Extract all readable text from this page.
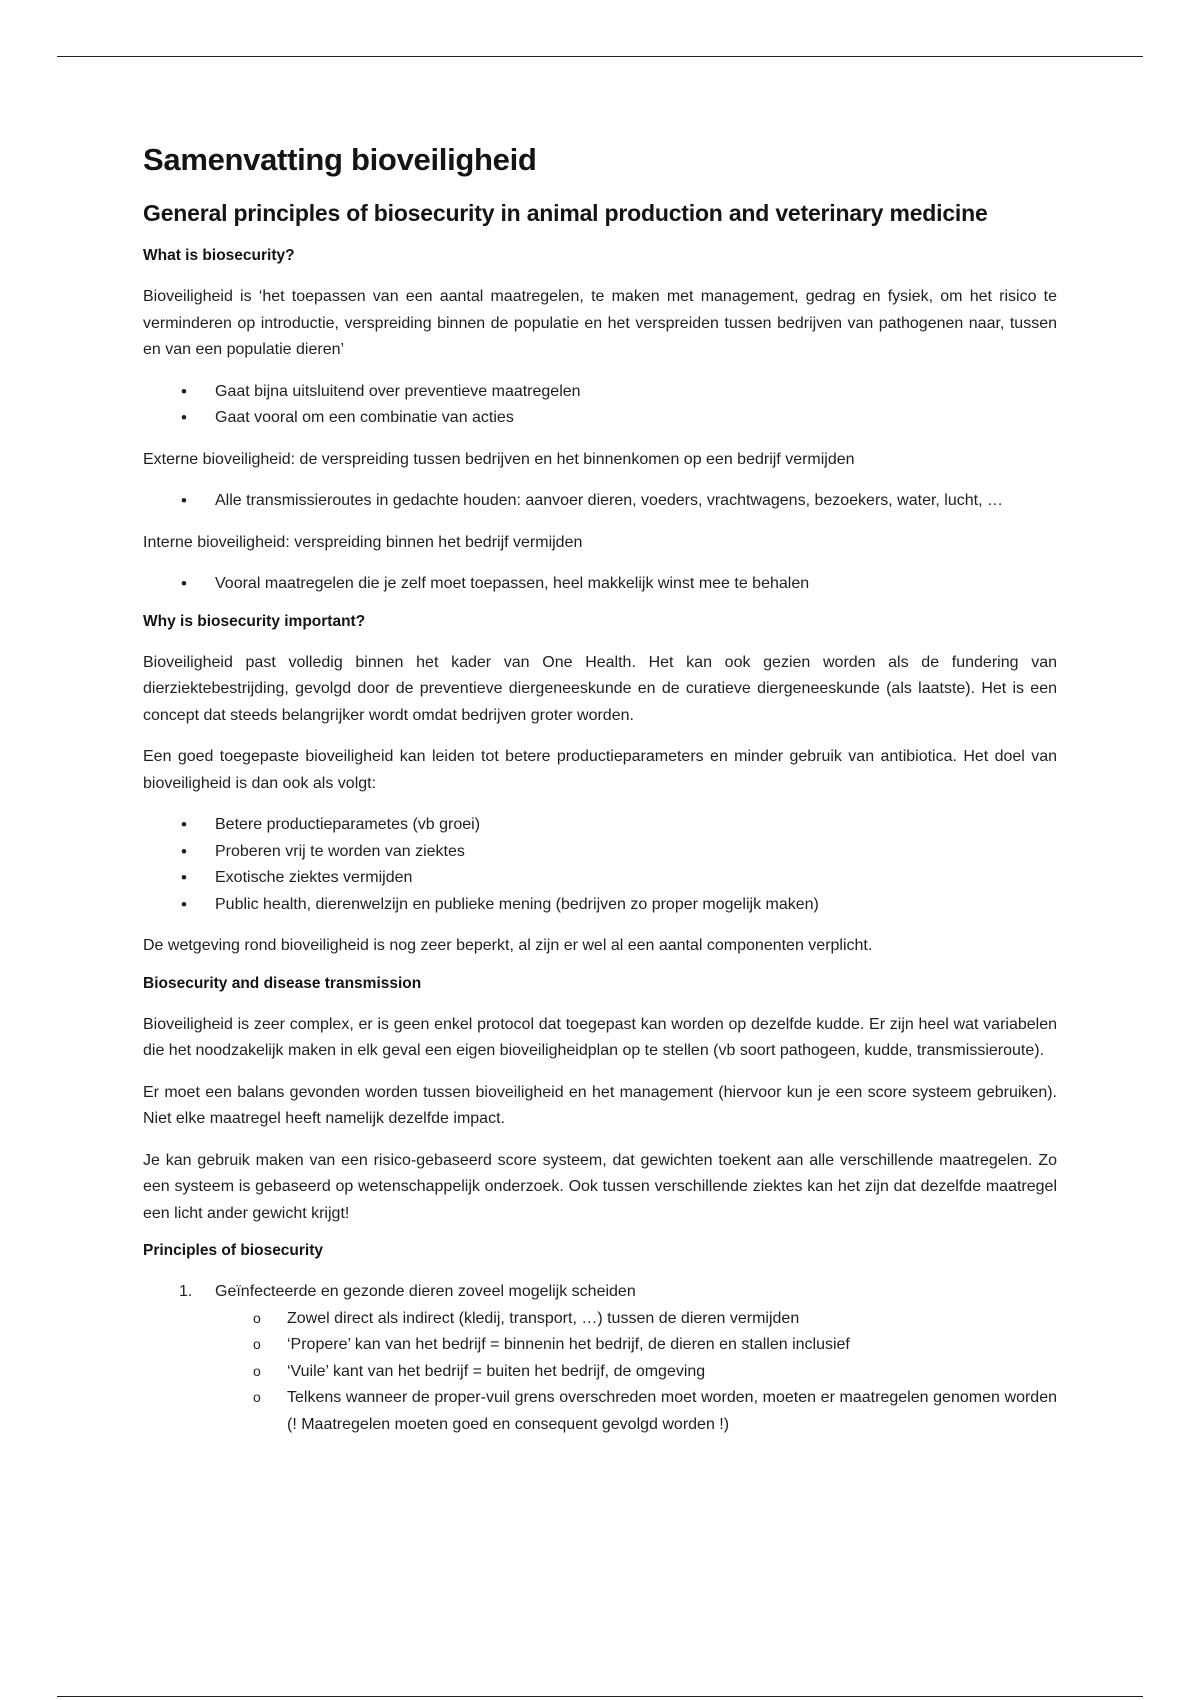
Samenvatting bioveiligheid
General principles of biosecurity in animal production and veterinary medicine
What is biosecurity?

Bioveiligheid is ‘het toepassen van een aantal maatregelen, te maken met management, gedrag en fysiek, om het risico te verminderen op introductie, verspreiding binnen de populatie en het verspreiden tussen bedrijven van pathogenen naar, tussen en van een populatie dieren’

• Gaat bijna uitsluitend over preventieve maatregelen
• Gaat vooral om een combinatie van acties

Externe bioveiligheid: de verspreiding tussen bedrijven en het binnenkomen op een bedrijf vermijden

• Alle transmissieroutes in gedachte houden: aanvoer dieren, voeders, vrachtwagens, bezoekers, water, lucht, …

Interne bioveiligheid: verspreiding binnen het bedrijf vermijden

• Vooral maatregelen die je zelf moet toepassen, heel makkelijk winst mee te behalen
Why is biosecurity important?

Bioveiligheid past volledig binnen het kader van One Health. Het kan ook gezien worden als de fundering van dierziektebestrijding, gevolgd door de preventieve diergeneeskunde en de curatieve diergeneeskunde (als laatste). Het is een concept dat steeds belangrijker wordt omdat bedrijven groter worden.

Een goed toegepaste bioveiligheid kan leiden tot betere productieparameters en minder gebruik van antibiotica. Het doel van bioveiligheid is dan ook als volgt:

• Betere productieparametes (vb groei)
• Proberen vrij te worden van ziektes
• Exotische ziektes vermijden
• Public health, dierenwelzijn en publieke mening (bedrijven zo proper mogelijk maken)

De wetgeving rond bioveiligheid is nog zeer beperkt, al zijn er wel al een aantal componenten verplicht.

Biosecurity and disease transmission

Bioveiligheid is zeer complex, er is geen enkel protocol dat toegepast kan worden op dezelfde kudde. Er zijn heel wat variabelen die het noodzakelijk maken in elk geval een eigen bioveiligheidplan op te stellen (vb soort pathogeen, kudde, transmissieroute).

Er moet een balans gevonden worden tussen bioveiligheid en het management (hiervoor kun je een score systeem gebruiken). Niet elke maatregel heeft namelijk dezelfde impact.

Je kan gebruik maken van een risico-gebaseerd score systeem, dat gewichten toekent aan alle verschillende maatregelen. Zo een systeem is gebaseerd op wetenschappelijk onderzoek. Ook tussen verschillende ziektes kan het zijn dat dezelfde maatregel een licht ander gewicht krijgt!

Principles of biosecurity
1. Geïnfecteerde en gezonde dieren zoveel mogelijk scheiden
o Zowel direct als indirect (kledij, transport, …) tussen de dieren vermijden
o ‘Propere’ kan van het bedrijf = binnenin het bedrijf, de dieren en stallen inclusief
o ‘Vuile’ kant van het bedrijf = buiten het bedrijf, de omgeving
o Telkens wanneer de proper-vuil grens overschreden moet worden, moeten er maatregelen genomen worden (! Maatregelen moeten goed en consequent gevolgd worden !)
